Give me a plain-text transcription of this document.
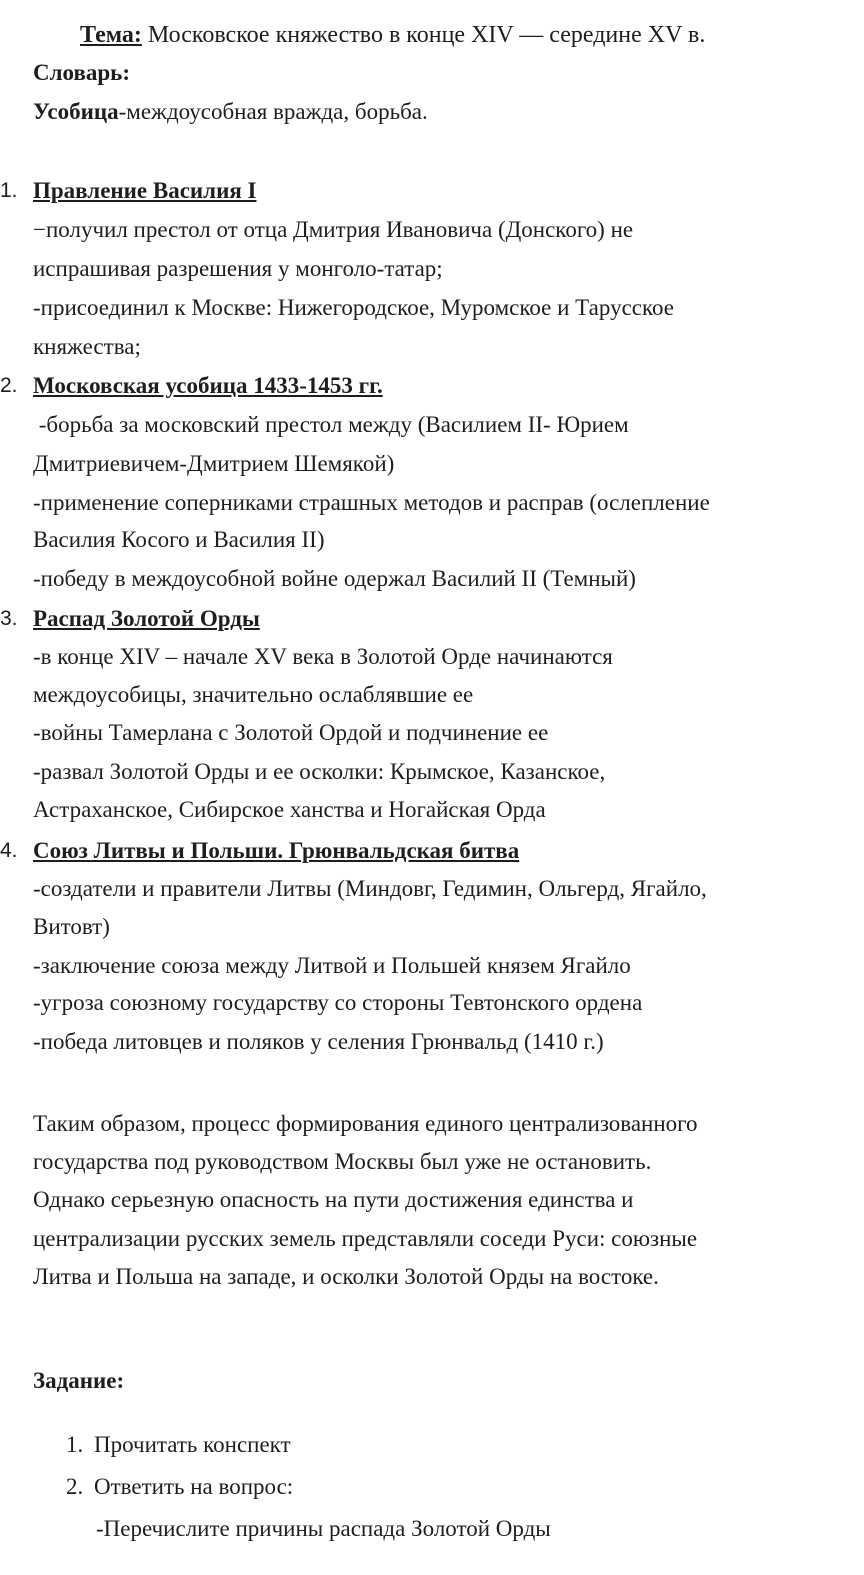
Тема: Московское княжество в конце XIV — середине XV в.
Словарь:
Усобица-междоусобная вражда, борьба.
1. Правление Василия I
−получил престол от отца Дмитрия Ивановича (Донского) не
испрашивая разрешения у монголо-татар;
-присоединил к Москве: Нижегородское, Муромское и Тарусское
княжества;
2. Московская усобица 1433-1453 гг.
-борьба за московский престол между (Василием II- Юрием
Дмитриевичем-Дмитрием Шемякой)
-применение соперниками страшных методов и расправ (ослепление
Василия Косого и Василия II)
-победу в междоусобной войне одержал Василий II (Темный)
3. Распад Золотой Орды
-в конце XIV – начале XV века в Золотой Орде начинаются
междоусобицы, значительно ослаблявшие ее
-войны Тамерлана с Золотой Ордой и подчинение ее
-развал Золотой Орды и ее осколки: Крымское, Казанское,
Астраханское, Сибирское ханства и Ногайская Орда
4. Союз Литвы и Польши. Грюнвальдская битва
-создатели и правители Литвы (Миндовг, Гедимин, Ольгерд, Ягайло,
Витовт)
-заключение союза между Литвой и Польшей князем Ягайло
-угроза союзному государству со стороны Тевтонского ордена
-победа литовцев и поляков у селения Грюнвальд (1410 г.)
Таким образом, процесс формирования единого централизованного
государства под руководством Москвы был уже не остановить.
Однако серьезную опасность на пути достижения единства и
централизации русских земель представляли соседи Руси: союзные
Литва и Польша на западе, и осколки Золотой Орды на востоке.
Задание:
1. Прочитать конспект
2. Ответить на вопрос:
-Перечислите причины распада Золотой Орды
